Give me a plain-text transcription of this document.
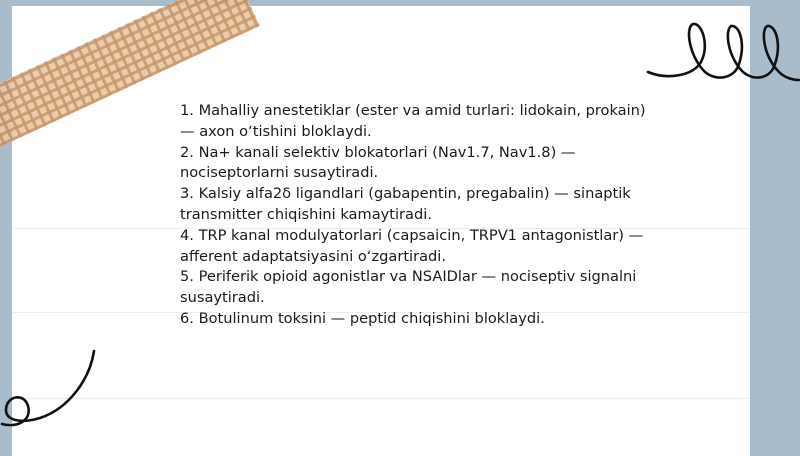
1. Mahalliy anestetiklar (ester va amid turlari: lidokain, prokain) — axon o‘tishini bloklaydi.

2. Na+ kanali selektiv blokatorlari (Nav1.7, Nav1.8) — nociseptorlarni susaytiradi.

3. Kalsiy alfa2δ ligandlari (gabapentin, pregabalin) — sinaptik transmitter chiqishini kamaytiradi.

4. TRP kanal modulyatorlari (capsaicin, TRPV1 antagonistlar) — afferent adaptatsiyasini o‘zgartiradi.

5. Periferik opioid agonistlar va NSAIDlar — nociseptiv signalni susaytiradi.

6. Botulinum toksini — peptid chiqishini bloklaydi.
